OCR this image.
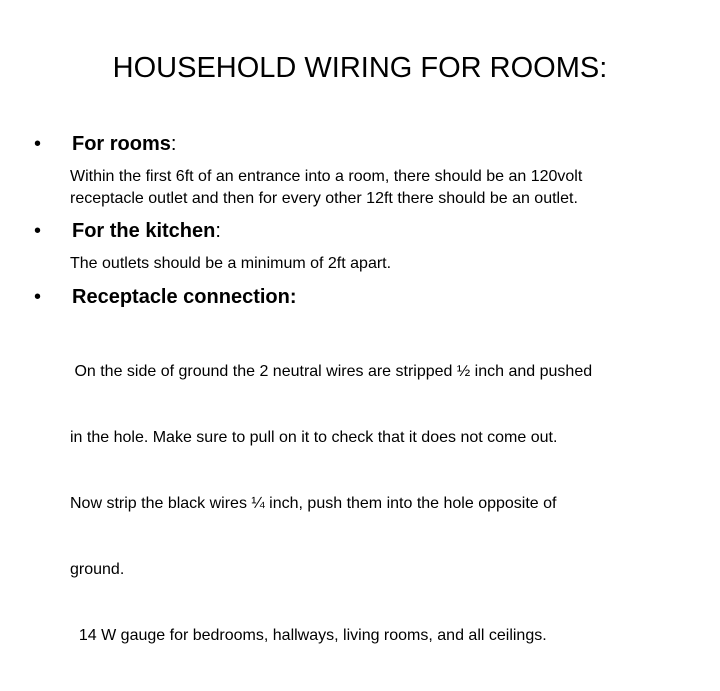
HOUSEHOLD WIRING FOR ROOMS:
•	For rooms:
Within the first 6ft of an entrance into a room, there should be an 120volt
receptacle outlet and then for every other 12ft there should be an outlet.
•	For the kitchen:
The outlets should be a minimum of 2ft apart.
•	Receptacle connection:

On the side of ground the 2 neutral wires are stripped ½ inch and pushed

in the hole. Make sure to pull on it to check that it does not come out.

Now strip the black wires ¼ inch, push them into the hole opposite of

ground.

14 W gauge for bedrooms, hallways, living rooms, and all ceilings.
